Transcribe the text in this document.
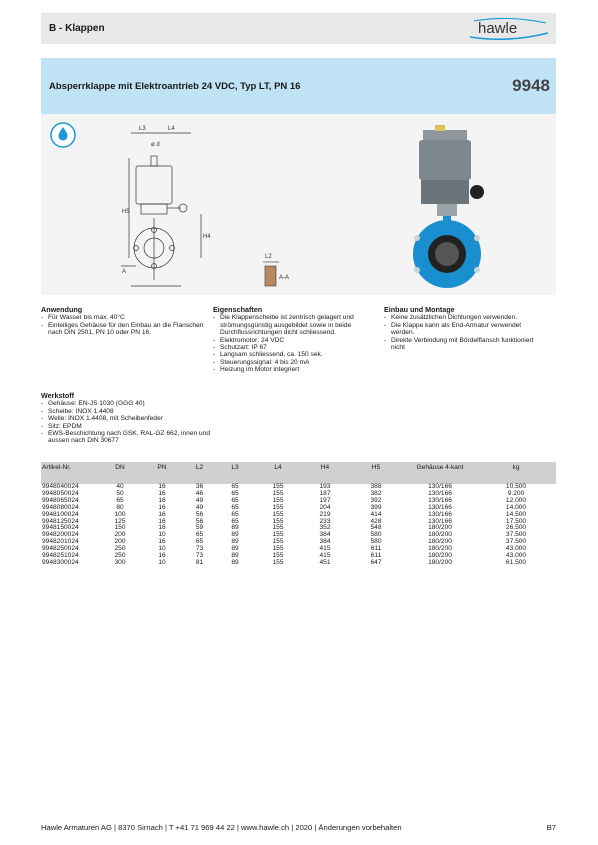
B - Klappen	hawle
Absperrklappe mit Elektroantrieb 24 VDC, Typ LT, PN 16	9948
L3	L4
ø d
H5
H4
A
L2
A-A
Anwendung
- Für Wasser bis max. 40°C
- Einteiliges Gehäuse für den Einbau an die Flanschen nach DIN 2501, PN 10 oder PN 16.
Eigenschaften
- Die Klappenscheibe ist zentrisch gelagert und strömungsgünstig ausgebildet sowie in beide Durchflussrichtungen dicht schliessend.
- Elektromotor: 24 VDC
- Schutzart: IP 67
- Langsam schliessend, ca. 150 sek.
- Steuerungssignal: 4 bis 20 mA
- Heizung im Motor integriert
Einbau und Montage
- Keine zusätzlichen Dichtungen verwenden.
- Die Klappe kann als End-Armatur verwendet werden.
- Direkte Verbindung mit Bördelflansch funktioniert nicht
Werkstoff
- Gehäuse: EN-JS 1030 (GGG 40)
- Scheibe: INOX 1.4408
- Welle: INOX 1.4408, mit Scheibenfeder
- Sitz: EPDM
- EWS-Beschichtung nach GSK, RAL-GZ 662, innen und aussen nach DIN 30677
Artikel-Nr.	DN	PN	L2	L3	L4	H4	H5	Gehäuse 4-kant	kg
9948040024	40	16	36	65	155	193	388	130/166	10.500
9948050024	50	16	46	65	155	187	382	130/166	9.200
9948065024	65	16	49	65	155	197	392	130/166	12.000
9948080024	80	16	49	65	155	204	399	130/166	14.000
9948100024	100	16	56	65	155	219	414	130/166	14.500
9948125024	125	16	56	65	155	233	428	130/166	17.500
9948150024	150	16	59	89	155	352	548	180/200	26.500
9948200024	200	10	65	89	155	384	580	180/200	37.500
9948201024	200	16	65	89	155	384	580	180/200	37.500
9948250024	250	10	73	89	155	415	611	180/200	43.000
9948251024	250	16	73	89	155	415	611	180/200	43.000
9948300024	300	10	81	89	155	451	647	180/200	61.500
Hawle Armaturen AG | 8370 Sirnach | T +41 71 969 44 22 | www.hawle.ch | 2020 | Änderungen vorbehalten	B7
